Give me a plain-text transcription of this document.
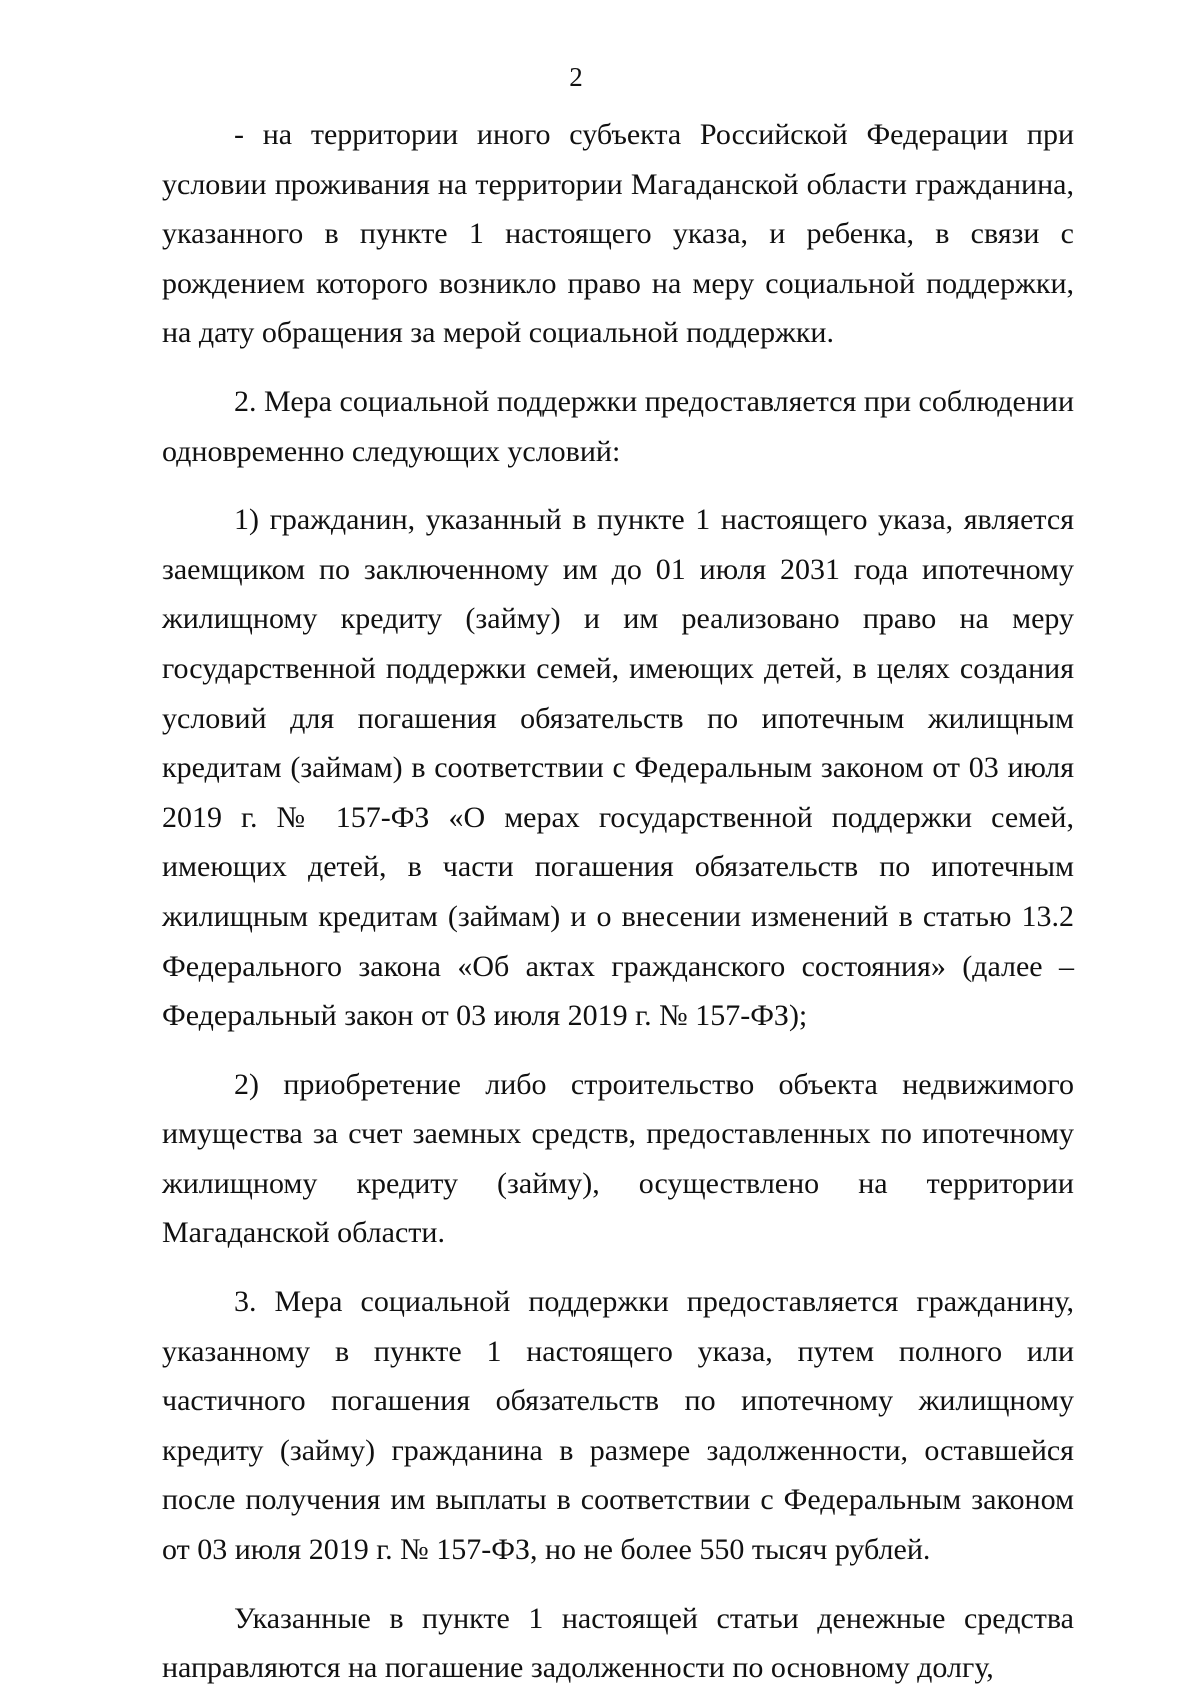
2

- на территории иного субъекта Российской Федерации при условии проживания на территории Магаданской области гражданина, указанного в пункте 1 настоящего указа, и ребенка, в связи с рождением которого возникло право на меру социальной поддержки, на дату обращения за мерой социальной поддержки.

2. Мера социальной поддержки предоставляется при соблюдении одновременно следующих условий:

1) гражданин, указанный в пункте 1 настоящего указа, является заемщиком по заключенному им до 01 июля 2031 года ипотечному жилищному кредиту (займу) и им реализовано право на меру государственной поддержки семей, имеющих детей, в целях создания условий для погашения обязательств по ипотечным жилищным кредитам (займам) в соответствии с Федеральным законом от 03 июля 2019 г. № 157-ФЗ «О мерах государственной поддержки семей, имеющих детей, в части погашения обязательств по ипотечным жилищным кредитам (займам) и о внесении изменений в статью 13.2 Федерального закона «Об актах гражданского состояния» (далее – Федеральный закон от 03 июля 2019 г. № 157-ФЗ);

2) приобретение либо строительство объекта недвижимого имущества за счет заемных средств, предоставленных по ипотечному жилищному кредиту (займу), осуществлено на территории Магаданской области.

3. Мера социальной поддержки предоставляется гражданину, указанному в пункте 1 настоящего указа, путем полного или частичного погашения обязательств по ипотечному жилищному кредиту (займу) гражданина в размере задолженности, оставшейся после получения им выплаты в соответствии с Федеральным законом от 03 июля 2019 г. № 157-ФЗ, но не более 550 тысяч рублей.

Указанные в пункте 1 настоящей статьи денежные средства направляются на погашение задолженности по основному долгу,
